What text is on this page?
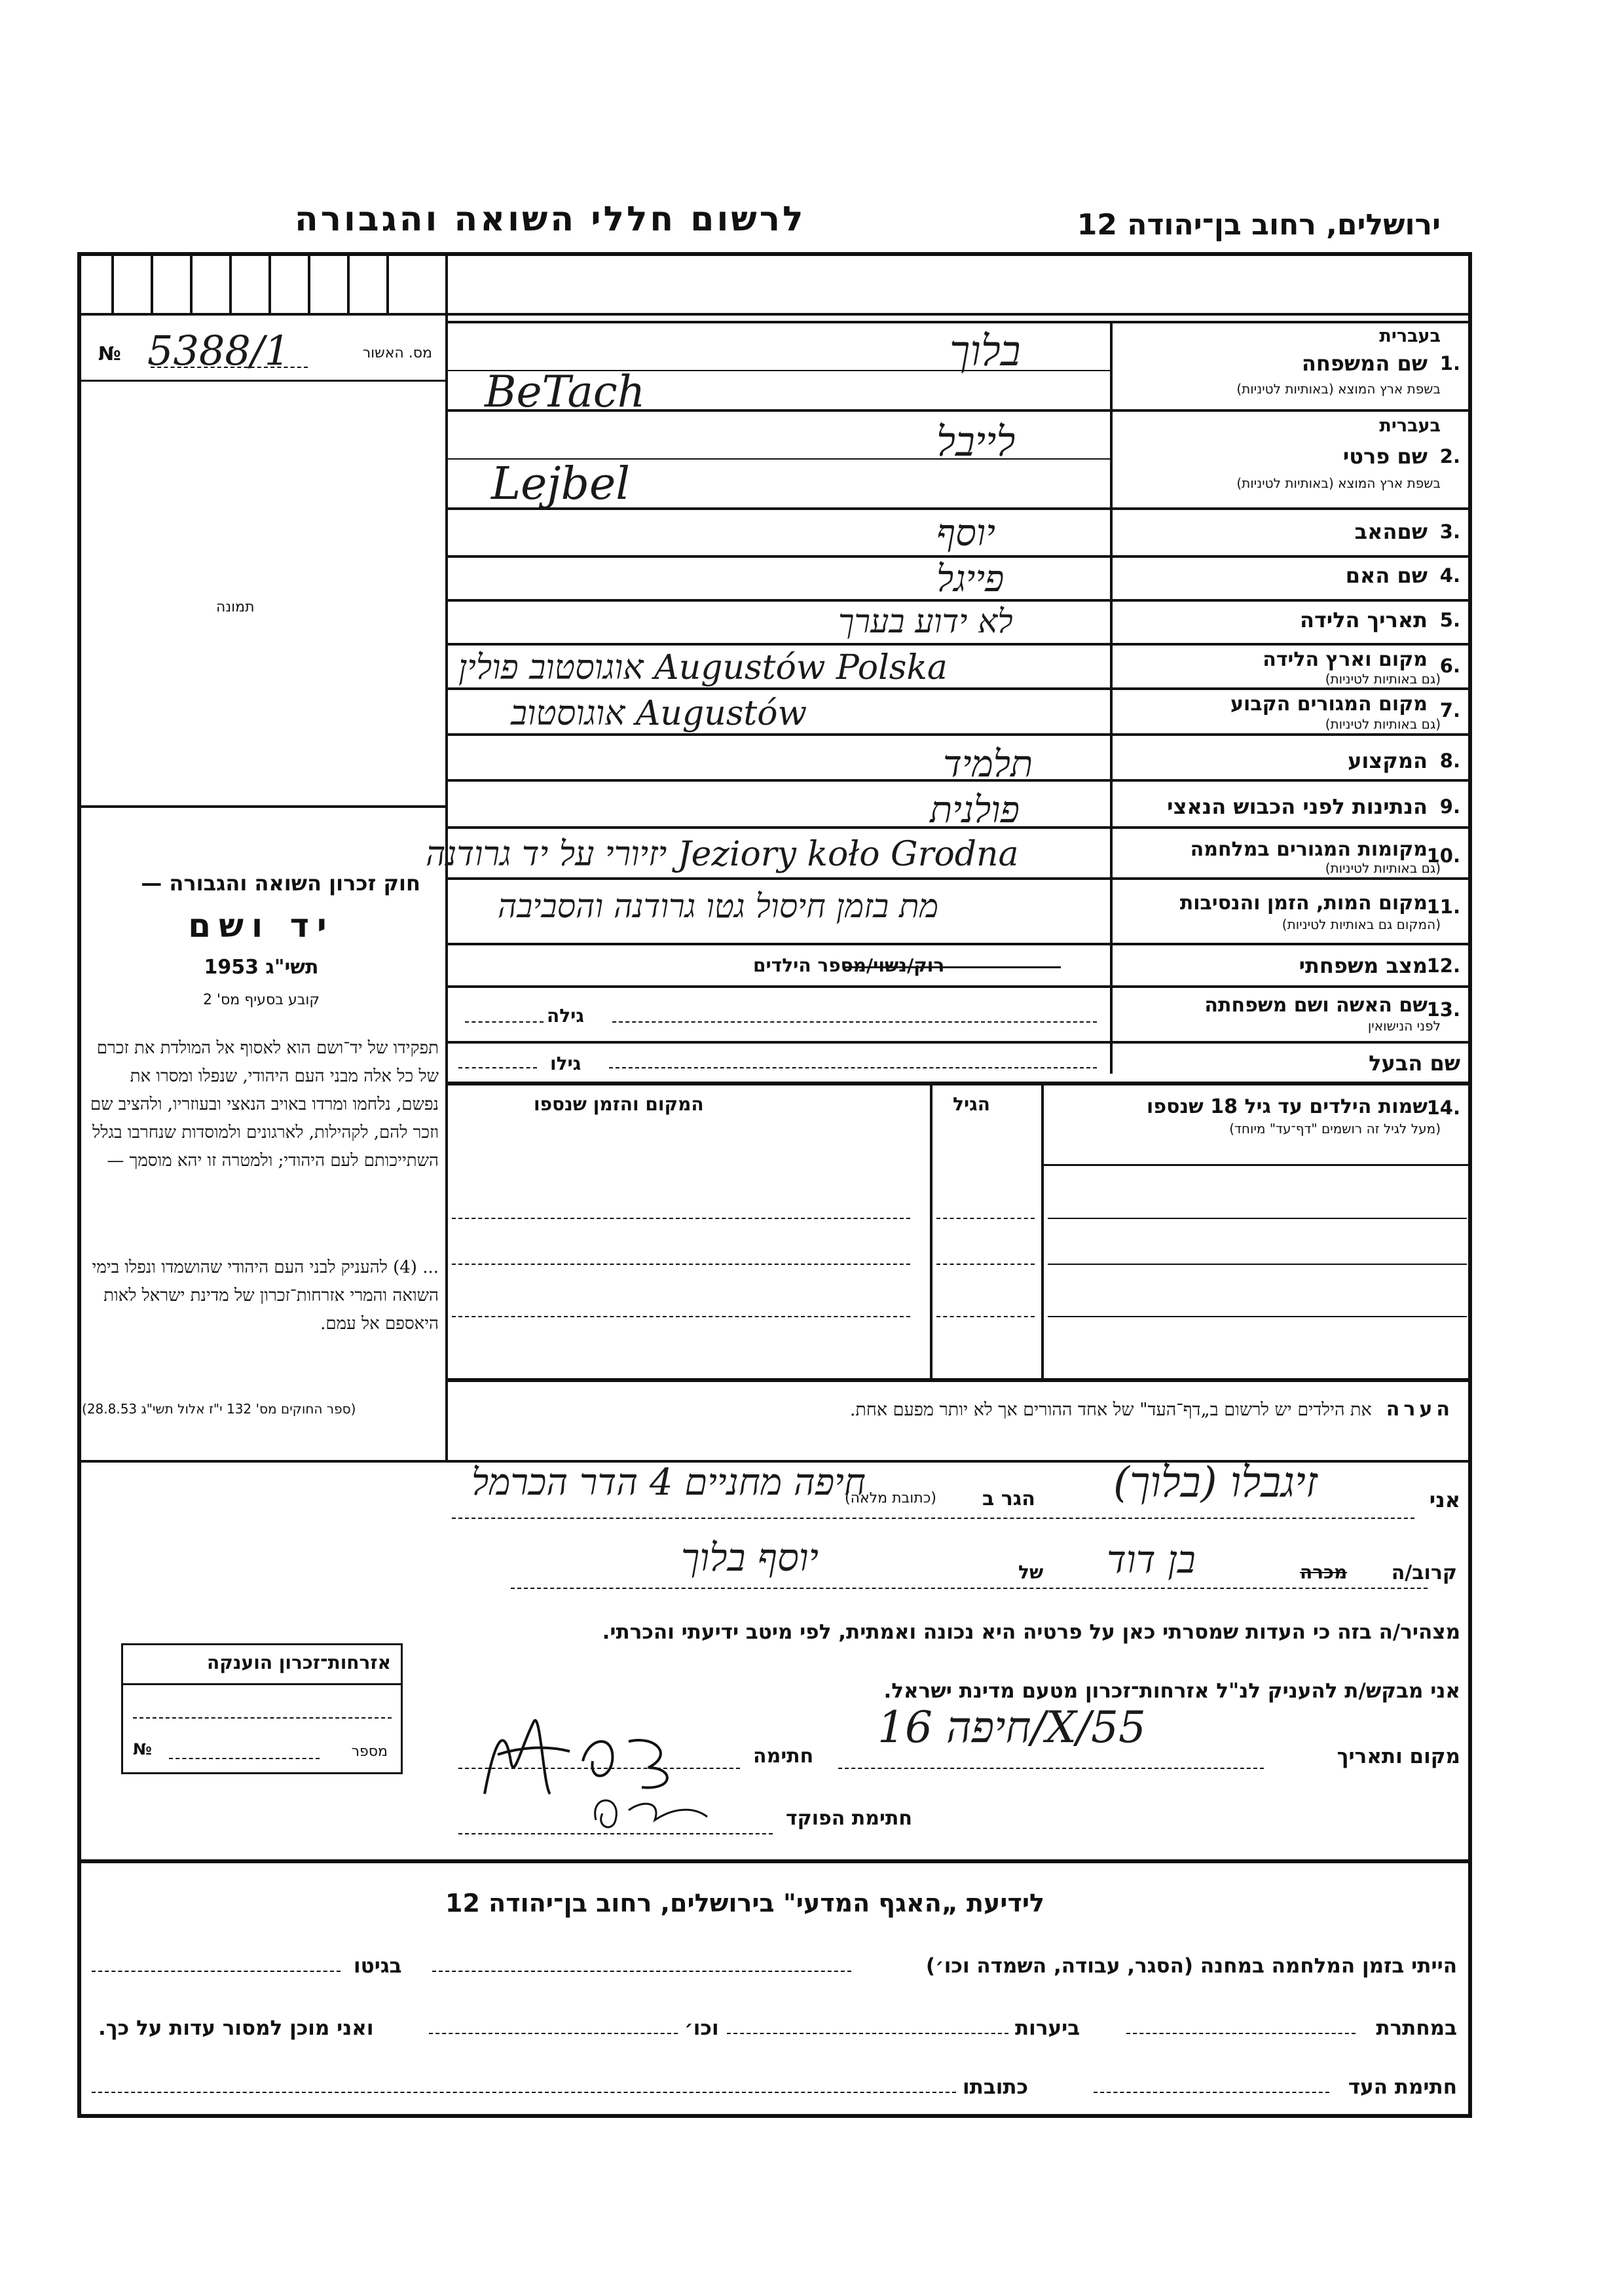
ירושלים, רחוב בן־יהודה 12
לרשום חללי השואה והגבורה
№ 5388/1	מס. האשור
תמונה
בעברית
1.
שם המשפחה
בשפת ארץ המוצא (באותיות לטיניות)
בלוך
BeTach
בעברית
2.
שם פרטי
בשפת ארץ המוצא (באותיות לטיניות)
לייבל
Lejbel
3.
שםהאב
יוסף
4.
שם האם
פייגל
5.
תאריך הלידה
לא ידוע בערך
6.
מקום וארץ הלידה
(גם באותיות לטיניות)
אוגוסטוב פולין Augustów Polska
7.
מקום המגורים הקבוע
(גם באותיות לטיניות)
אוגוסטוב Augustów
8.
המקצוע
תלמיד
9.
הנתינות לפני הכבוש הנאצי
פולנית
10.
מקומות המגורים במלחמה
(גם באותיות לטיניות)
יזיורי על יד גרודנה Jeziory koło Grodna
11.
מקום המות, הזמן והנסיבות
(המקום גם באותיות לטיניות)
מת בזמן חיסול גטו גרודנה והסביבה
12.
מצב משפחתי
רוק/נשוי/מספר הילדים
13.
שם האשה ושם משפחתה
לפני הנישואין
גילה
שם הבעל
גילו
14.
שמות הילדים עד גיל 18 שנספו
(מעל לגיל זה רושמים "דף־עד" מיוחד)
הגיל
המקום והזמן שנספו
חוק זכרון השואה והגבורה —
יד ושם
תשי"ג 1953
קובע בסעיף מס' 2
תפקידו של יד־ושם הוא לאסוף אל המולדת את זכרם של כל אלה מבני העם היהודי, שנפלו ומסרו את נפשם, נלחמו ומרדו באויב הנאצי ובעוזריו, ולהציב שם וזכר להם, לקהילות, לארגונים ולמוסדות שנחרבו בגלל השתייכותם לעם היהודי; ולמטרה זו יהא מוסמך —
... (4) להעניק לבני העם היהודי שהושמדו ונפלו בימי השואה והמרי אזרחות־זכרון של מדינת ישראל לאות היאספם אל עמם.
(ספר החוקים מס' 132 י"ז אלול תשי"ג 28.8.53)	הערה
את הילדים יש לרשום ב„דף־העד" של אחד ההורים אך לא יותר מפעם אחת.
אני
זיגבלו (בלוך)
הגר ב
(כתובת מלאה)
חיפה מחניים 4 הדר הכרמל
קרוב/ה
מכרה
בן דוד
של
יוסף בלוך
מצהיר/ה בזה כי העדות שמסרתי כאן על פרטיה היא נכונה ואמתית, לפי מיטב ידיעתי והכרתי.
אני מבקש/ת להעניק לנ"ל אזרחות־זכרון מטעם מדינת ישראל.
מקום ותאריך
חיפה 16/X/55
חתימה
חתימת הפוקד
אזרחות־זכרון הוענקה
מספר
№
לידיעת „האגף המדעי" בירושלים, רחוב בן־יהודה 12
הייתי בזמן המלחמה במחנה (הסגר, עבודה, השמדה וכו׳)
בגיטו
במחתרת
ביערות
וכו׳
ואני מוכן למסור עדות על כך.
חתימת העד
כתובתו
